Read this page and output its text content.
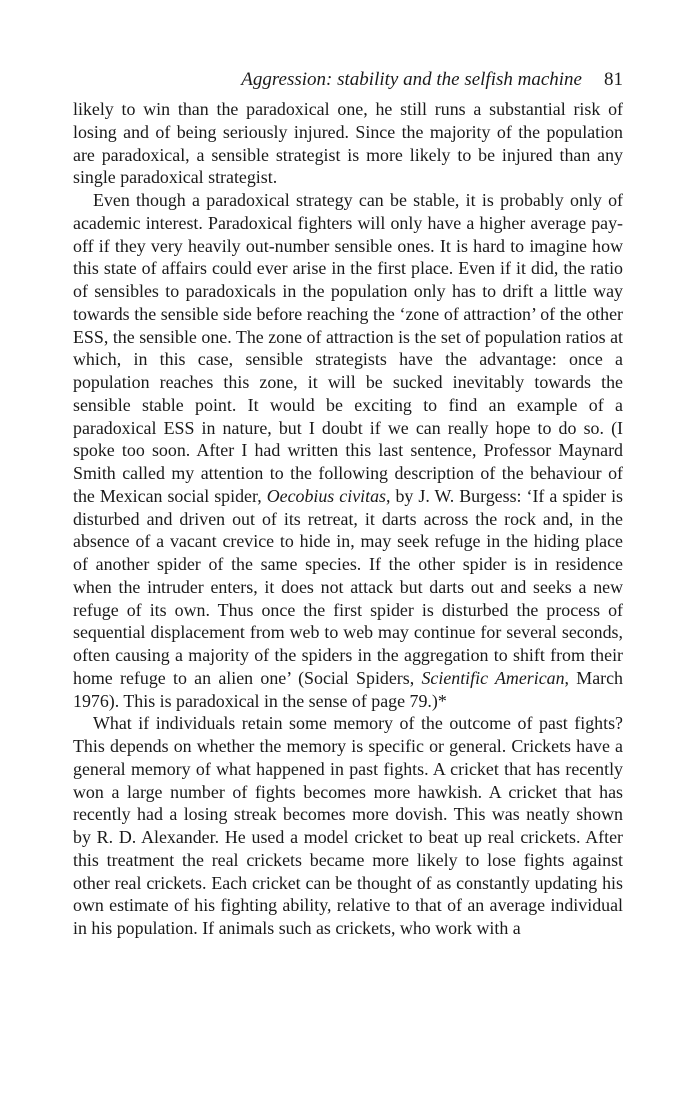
Aggression: stability and the selfish machine 81

likely to win than the paradoxical one, he still runs a substantial risk of losing and of being seriously injured. Since the majority of the population are paradoxical, a sensible strategist is more likely to be injured than any single paradoxical strategist.

Even though a paradoxical strategy can be stable, it is probably only of academic interest. Paradoxical fighters will only have a higher average pay-off if they very heavily out-number sensible ones. It is hard to imagine how this state of affairs could ever arise in the first place. Even if it did, the ratio of sensibles to paradoxicals in the population only has to drift a little way towards the sensible side before reaching the ‘zone of attraction’ of the other ESS, the sensible one. The zone of attraction is the set of population ratios at which, in this case, sensible strategists have the advantage: once a population reaches this zone, it will be sucked inevitably towards the sensible stable point. It would be exciting to find an example of a paradoxical ESS in nature, but I doubt if we can really hope to do so. (I spoke too soon. After I had written this last sentence, Professor Maynard Smith called my attention to the following description of the behaviour of the Mexican social spider, Oecobius civitas, by J. W. Burgess: ‘If a spider is disturbed and driven out of its retreat, it darts across the rock and, in the absence of a vacant crevice to hide in, may seek refuge in the hiding place of another spider of the same species. If the other spider is in residence when the intruder enters, it does not attack but darts out and seeks a new refuge of its own. Thus once the first spider is disturbed the process of sequential displacement from web to web may continue for several seconds, often causing a majority of the spiders in the aggregation to shift from their home refuge to an alien one’ (Social Spiders, Scientific American, March 1976). This is paradoxical in the sense of page 79.)*

What if individuals retain some memory of the outcome of past fights? This depends on whether the memory is specific or general. Crickets have a general memory of what happened in past fights. A cricket that has recently won a large number of fights becomes more hawkish. A cricket that has recently had a losing streak becomes more dovish. This was neatly shown by R. D. Alexander. He used a model cricket to beat up real crickets. After this treatment the real crickets became more likely to lose fights against other real crickets. Each cricket can be thought of as constantly updating his own estimate of his fighting ability, relative to that of an average individual in his population. If animals such as crickets, who work with a
